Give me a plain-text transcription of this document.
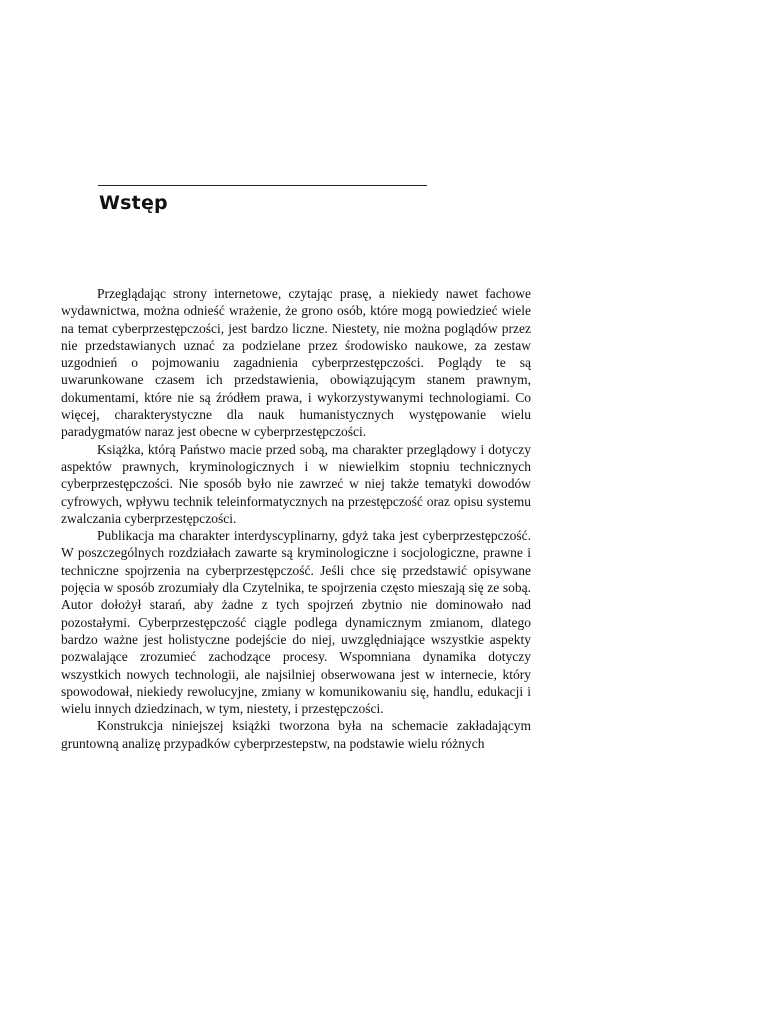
Wstęp

Przeglądając strony internetowe, czytając prasę, a niekiedy nawet fachowe wydawnictwa, można odnieść wrażenie, że grono osób, które mogą powiedzieć wiele na temat cyberprzestępczości, jest bardzo liczne. Niestety, nie można poglądów przez nie przedstawianych uznać za podzielane przez środowisko naukowe, za zestaw uzgodnień o pojmowaniu zagadnienia cyberprzestępczości. Poglądy te są uwarunkowane czasem ich przedstawienia, obowiązującym stanem prawnym, dokumentami, które nie są źródłem prawa, i wykorzystywanymi technologiami. Co więcej, charakterystyczne dla nauk humanistycznych występowanie wielu paradygmatów naraz jest obecne w cyberprzestępczości.

Książka, którą Państwo macie przed sobą, ma charakter przeglądowy i dotyczy aspektów prawnych, kryminologicznych i w niewielkim stopniu technicznych cyberprzestępczości. Nie sposób było nie zawrzeć w niej także tematyki dowodów cyfrowych, wpływu technik teleinformatycznych na przestępczość oraz opisu systemu zwalczania cyberprzestępczości.

Publikacja ma charakter interdyscyplinarny, gdyż taka jest cyberprzestępczość. W poszczególnych rozdziałach zawarte są kryminologiczne i socjologiczne, prawne i techniczne spojrzenia na cyberprzestępczość. Jeśli chce się przedstawić opisywane pojęcia w sposób zrozumiały dla Czytelnika, te spojrzenia często mieszają się ze sobą. Autor dołożył starań, aby żadne z tych spojrzeń zbytnio nie dominowało nad pozostałymi. Cyberprzestępczość ciągle podlega dynamicznym zmianom, dlatego bardzo ważne jest holistyczne podejście do niej, uwzględniające wszystkie aspekty pozwalające zrozumieć zachodzące procesy. Wspomniana dynamika dotyczy wszystkich nowych technologii, ale najsilniej obserwowana jest w internecie, który spowodował, niekiedy rewolucyjne, zmiany w komunikowaniu się, handlu, edukacji i wielu innych dziedzinach, w tym, niestety, i przestępczości.

Konstrukcja niniejszej książki tworzona była na schemacie zakładającym gruntowną analizę przypadków cyberprzestepstw, na podstawie wielu różnych
